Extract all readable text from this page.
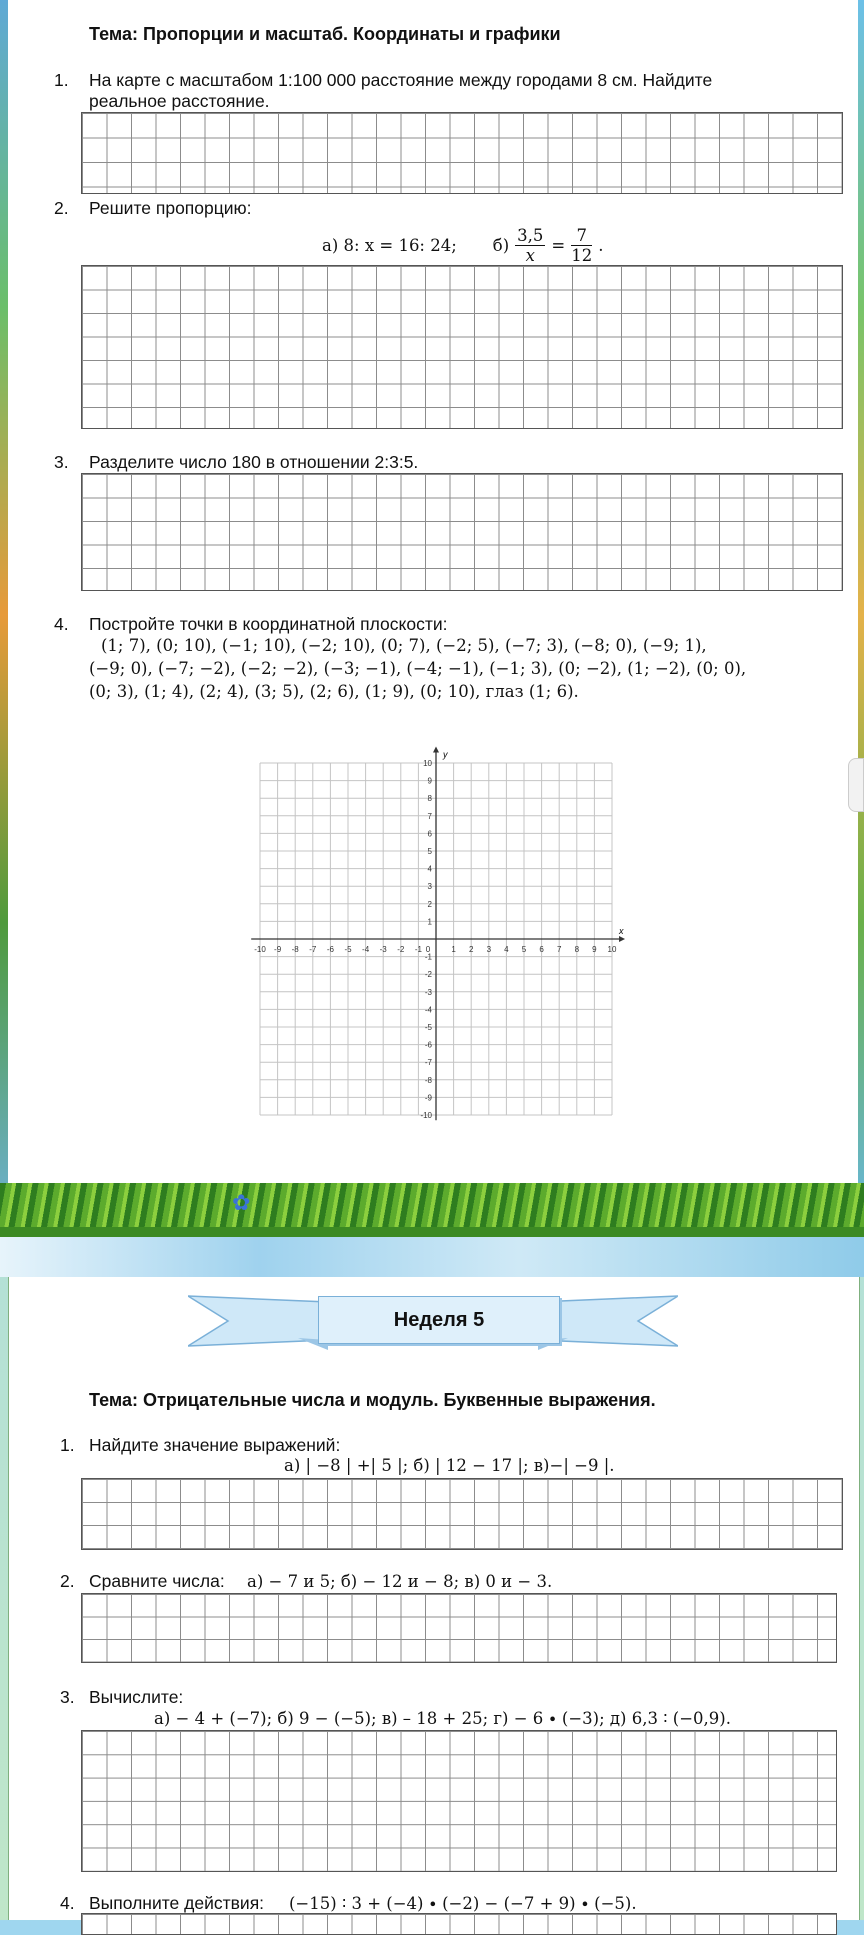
Тема: Пропорции и масштаб. Координаты и графики
1. На карте с масштабом 1:100 000 расстояние между городами 8 см. Найдите
реальное расстояние.
2. Решите пропорцию:
а) 8: x = 16: 24; $б) \frac{3,5}{x} = \frac{7}{12}$ .
3. Разделите число 180 в отношении 2:3:5.
4. Постройте точки в координатной плоскости:
(1; 7), (0; 10), (−1; 10), (−2; 10), (0; 7), (−2; 5), (−7; 3), (−8; 0), (−9; 1),
(−9; 0), (−7; −2), (−2; −2), (−3; −1), (−4; −1), (−1; 3), (0; −2), (1; −2), (0; 0),
(0; 3), (1; 4), (2; 4), (3; 5), (2; 6), (1; 9), (0; 10), глаз (1; 6).
-10 -9 -8 -7 -6 -5 -4 -3 -2 -1 0	1 2 3 4 5 6 7 8 9 10
10
9
8
7
6
5
4
3
2
1
-1
-2
-3
-4
-5
-6
-7
-8
-9
-10
x
y
✿
Неделя 5
Тема: Отрицательные числа и модуль. Буквенные выражения.
1. Найдите значение выражений:
а) | −8 | +| 5 |; б) | 12 − 17 |; в)−| −9 |.
2. Сравните числа: а) − 7 и 5; б) − 12 и − 8; в) 0 и − 3.
3. Вычислите:
а) − 4 + (−7); б) 9 − (−5); в) – 18 + 25; г) − 6 ∙ (−3); д) 6,3 ∶ (−0,9).
4. Выполните действия: (−15) ∶ 3 + (−4) ∙ (−2) − (−7 + 9) ∙ (−5).
